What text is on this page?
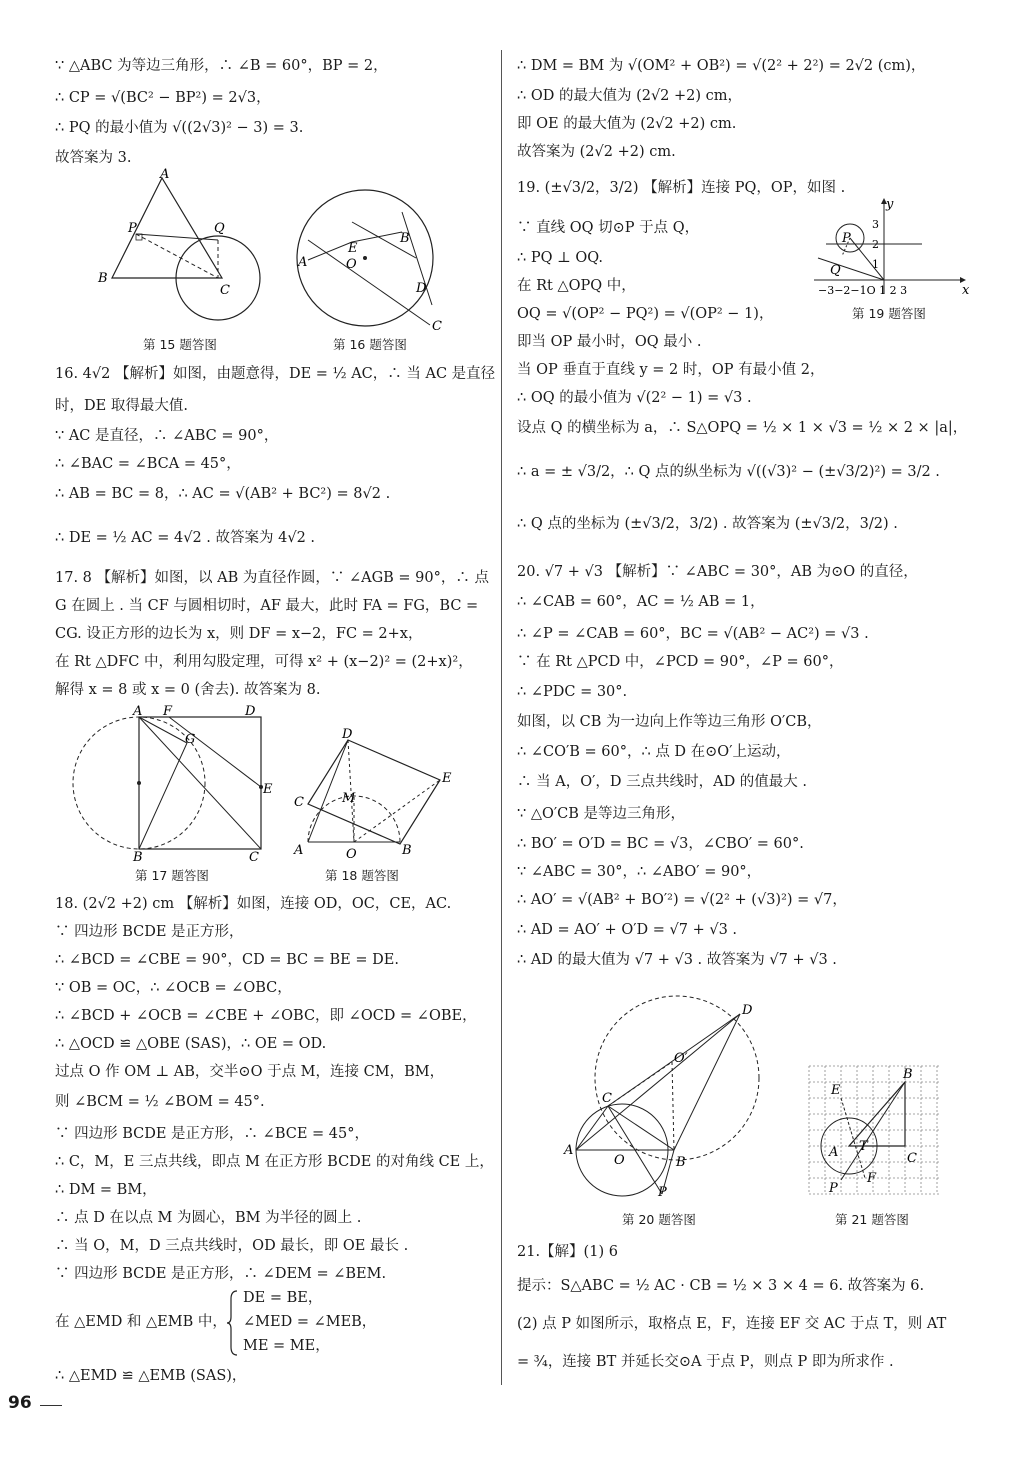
∵ △ABC 为等边三角形，∴ ∠B = 60°，BP = 2，
∴ CP = √(BC² − BP²) = 2√3，
∴ PQ 的最小值为 √((2√3)² − 3) = 3.
故答案为 3.
A
B
C
P	Q
第 15 题答图
A
B
C
D
E
O
第 16 题答图
16. 4√2 【解析】如图，由题意得，DE = ½ AC，∴ 当 AC 是直径
时，DE 取得最大值.
∵ AC 是直径，∴ ∠ABC = 90°，
∴ ∠BAC = ∠BCA = 45°，
∴ AB = BC = 8，∴ AC = √(AB² + BC²) = 8√2 .
∴ DE = ½ AC = 4√2 . 故答案为 4√2 .
17. 8 【解析】如图，以 AB 为直径作圆，∵ ∠AGB = 90°，∴ 点
G 在圆上 . 当 CF 与圆相切时，AF 最大，此时 FA = FG，BC =
CG. 设正方形的边长为 x，则 DF = x−2，FC = 2+x，
在 Rt △DFC 中，利用勾股定理，可得 x² + (x−2)² = (2+x)²，
解得 x = 8 或 x = 0 (舍去). 故答案为 8.
A F	D
G
E
B	C
第 17 题答图
D
E
C	M
A	O	B
第 18 题答图
18. (2√2 +2) cm 【解析】如图，连接 OD，OC，CE，AC.
∵ 四边形 BCDE 是正方形，
∴ ∠BCD = ∠CBE = 90°，CD = BC = BE = DE.
∵ OB = OC，∴ ∠OCB = ∠OBC，
∴ ∠BCD + ∠OCB = ∠CBE + ∠OBC，即 ∠OCD = ∠OBE，
∴ △OCD ≌ △OBE (SAS)，∴ OE = OD.
过点 O 作 OM ⊥ AB，交半⊙O 于点 M，连接 CM，BM，
则 ∠BCM = ½ ∠BOM = 45°.
∵ 四边形 BCDE 是正方形，∴ ∠BCE = 45°，
∴ C，M，E 三点共线，即点 M 在正方形 BCDE 的对角线 CE 上，
∴ DM = BM，
∴ 点 D 在以点 M 为圆心，BM 为半径的圆上 .
∴ 当 O，M，D 三点共线时，OD 最长，即 OE 最长 .
∵ 四边形 BCDE 是正方形，∴ ∠DEM = ∠BEM.
在 △EMD 和 △EMB 中，
DE = BE，
∠MED = ∠MEB，
ME = ME，
∴ △EMD ≌ △EMB (SAS)，
∴ DM = BM 为 √(OM² + OB²) = √(2² + 2²) = 2√2 (cm)，
∴ OD 的最大值为 (2√2 +2) cm，
即 OE 的最大值为 (2√2 +2) cm.
故答案为 (2√2 +2) cm.
19. (±√3/2，3/2) 【解析】连接 PQ，OP，如图 .
∵ 直线 OQ 切⊙P 于点 Q，
∴ PQ ⊥ OQ.
在 Rt △OPQ 中，
OQ = √(OP² − PQ²) = √(OP² − 1)，
即当 OP 最小时，OQ 最小 .
当 OP 垂直于直线 y = 2 时，OP 有最小值 2，
∴ OQ 的最小值为 √(2² − 1) = √3 .
设点 Q 的横坐标为 a，∴ S△OPQ = ½ × 1 × √3 = ½ × 2 × |a|，
∴ a = ± √3/2，∴ Q 点的纵坐标为 √((√3)² − (±√3/2)²) = 3/2 .
∴ Q 点的坐标为 (±√3/2，3/2) . 故答案为 (±√3/2，3/2) .
y
x
P
Q
3
2
1
−3−2−1O 1 2 3
第 19 题答图
20. √7 + √3 【解析】∵ ∠ABC = 30°，AB 为⊙O 的直径，
∴ ∠CAB = 60°，AC = ½ AB = 1，
∴ ∠P = ∠CAB = 60°，BC = √(AB² − AC²) = √3 .
∵ 在 Rt △PCD 中，∠PCD = 90°，∠P = 60°，
∴ ∠PDC = 30°.
如图，以 CB 为一边向上作等边三角形 O′CB，
∴ ∠CO′B = 60°，∴ 点 D 在⊙O′上运动，
∴ 当 A，O′，D 三点共线时，AD 的值最大 .
∵ △O′CB 是等边三角形，
∴ BO′ = O′D = BC = √3，∠CBO′ = 60°.
∵ ∠ABC = 30°，∴ ∠ABO′ = 90°，
∴ AO′ = √(AB² + BO′²) = √(2² + (√3)²) = √7，
∴ AD = AO′ + O′D = √7 + √3 .
∴ AD 的最大值为 √7 + √3 . 故答案为 √7 + √3 .
A
B
C
D
O
O′
P
第 20 题答图
E
B
A	C
T
F
P
第 21 题答图
21.【解】(1) 6
提示：S△ABC = ½ AC · CB = ½ × 3 × 4 = 6. 故答案为 6.
(2) 点 P 如图所示，取格点 E，F，连接 EF 交 AC 于点 T，则 AT
= ¾，连接 BT 并延长交⊙A 于点 P，则点 P 即为所求作 .
96
